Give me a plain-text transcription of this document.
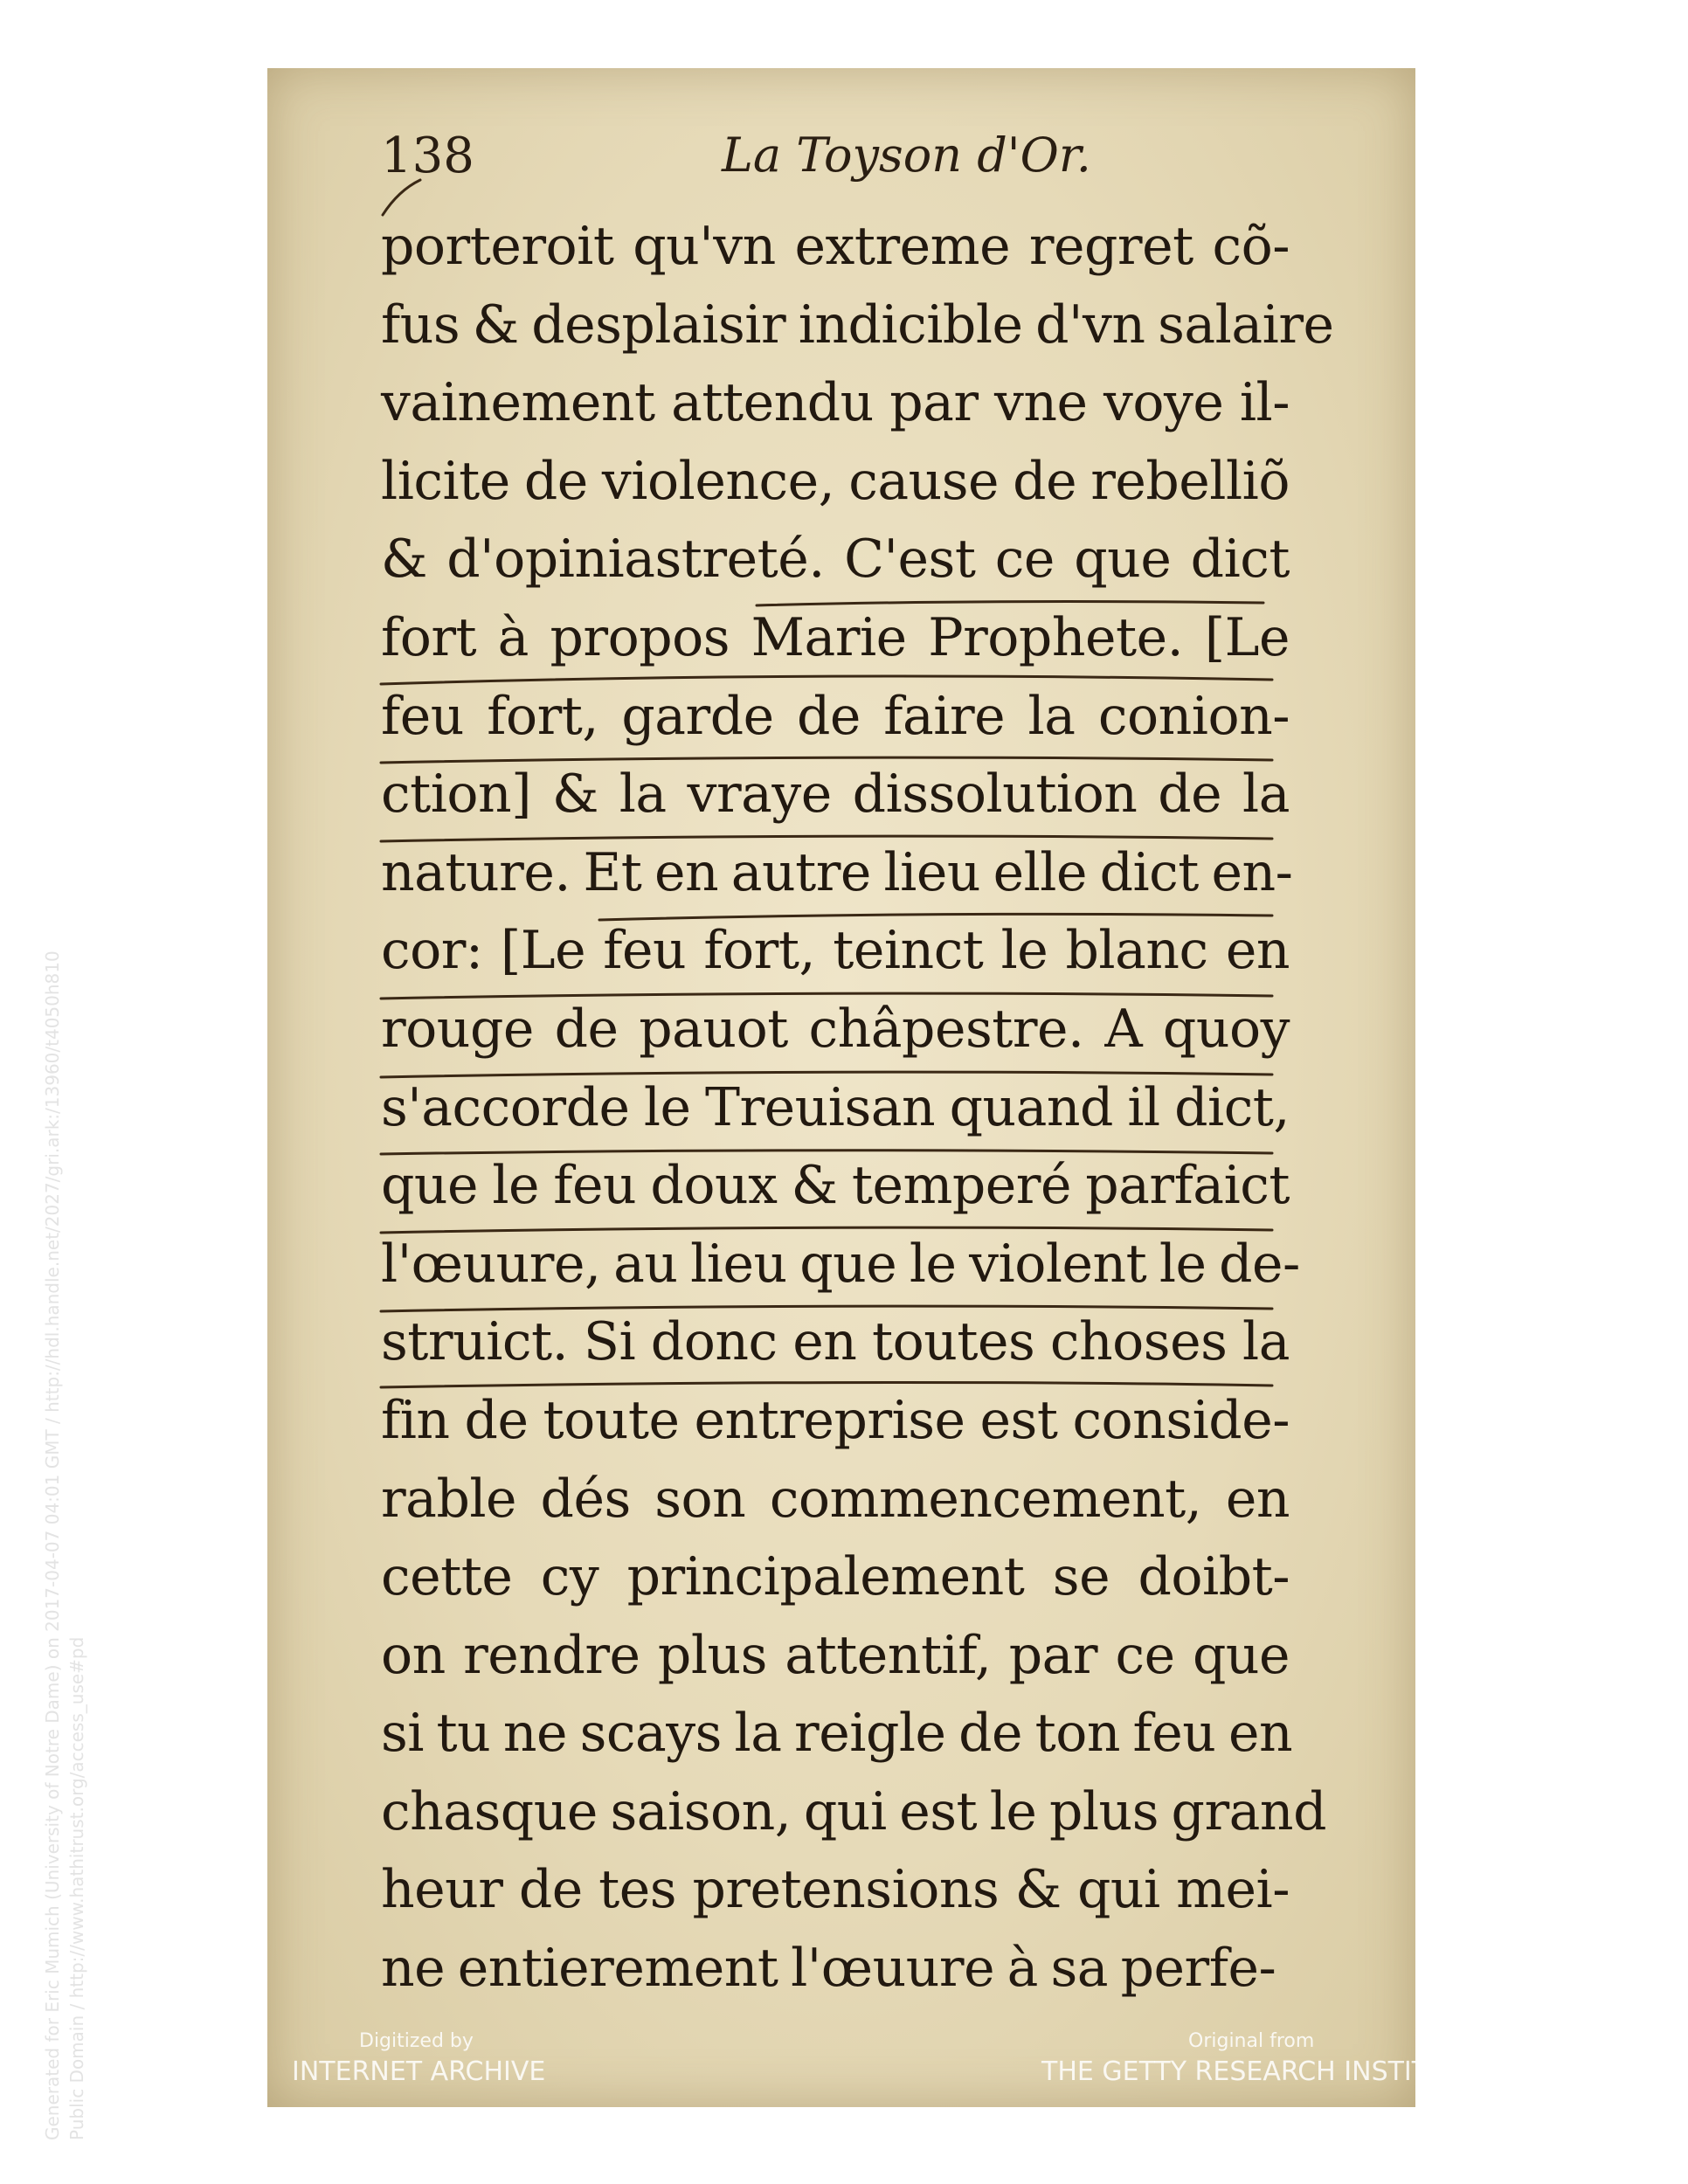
Generated for Eric Mumich (University of Notre Dame) on 2017-04-07 04:01 GMT / http://hdl.handle.net/2027/gri.ark:/13960/t4050h810 Public Domain / http://www.hathitrust.org/access_use#pd
138	La Toyson d'Or.
porteroit qu'vn extreme regret cõ-
fus & desplaisir indicible d'vn salaire
vainement attendu par vne voye il-
licite de violence, cause de rebelliõ
& d'opiniastreté. C'est ce que dict
fort à propos Marie Prophete. [Le
feu fort, garde de faire la conion-
ction] & la vraye dissolution de la
nature. Et en autre lieu elle dict en-
cor: [Le feu fort, teinct le blanc en
rouge de pauot châpestre. A quoy
s'accorde le Treuisan quand il dict,
que le feu doux & temperé parfaict
l'œuure, au lieu que le violent le de-
struict. Si donc en toutes choses la
fin de toute entreprise est conside-
rable dés son commencement, en
cette cy principalement se doibt-
on rendre plus attentif, par ce que
si tu ne scays la reigle de ton feu en
chasque saison, qui est le plus grand
heur de tes pretensions & qui mei-
ne entierement l'œuure à sa perfe-
Digitized by
INTERNET ARCHIVE
Original from
THE GETTY RESEARCH INSTITUTE
